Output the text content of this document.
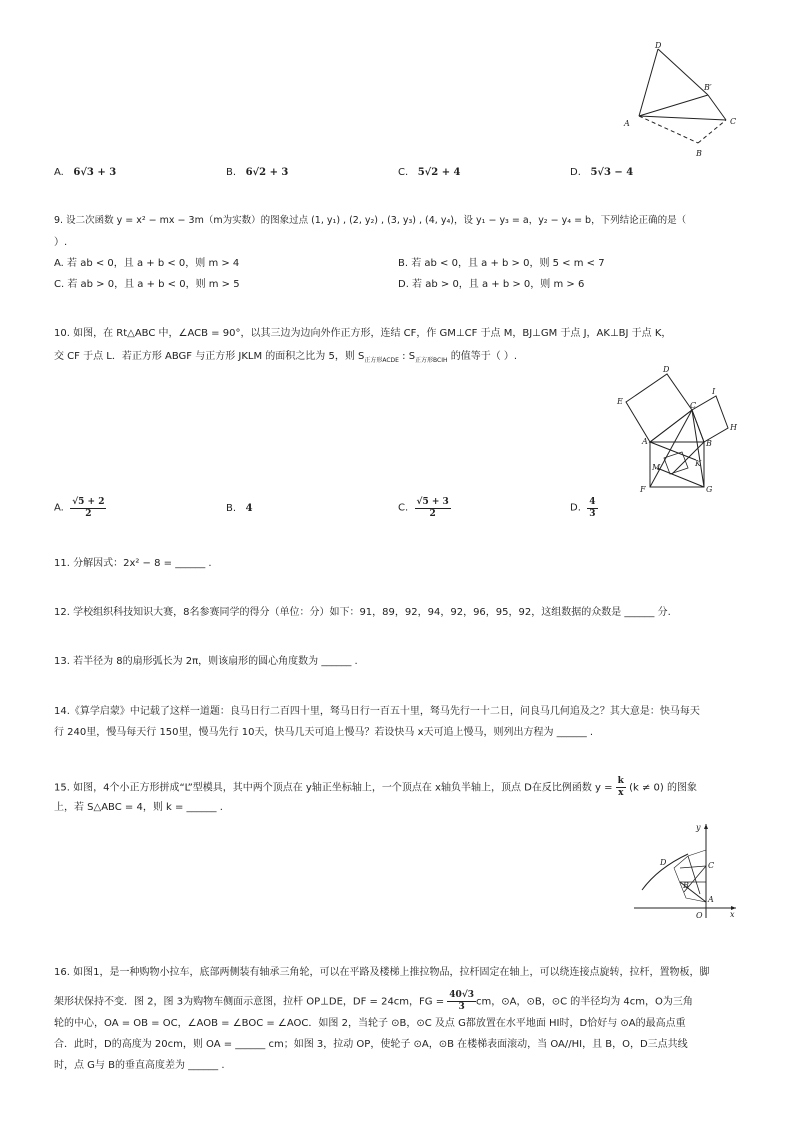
D
B′
A	C
B
A. 6√3 + 3	B. 6√2 + 3	C. 5√2 + 4	D. 5√3 − 4
9. 设二次函数 y = x² − mx − 3m（m为实数）的图象过点 (1, y₁) , (2, y₂) , (3, y₃) , (4, y₄)，设 y₁ − y₃ = a，y₂ − y₄ = b，下列结论正确的是（
）.
A. 若 ab < 0，且 a + b < 0，则 m > 4	B. 若 ab < 0，且 a + b > 0，则 5 < m < 7
C. 若 ab > 0，且 a + b < 0，则 m > 5	D. 若 ab > 0，且 a + b > 0，则 m > 6
10. 如图，在 Rt△ABC 中，∠ACB = 90°，以其三边为边向外作正方形，连结 CF，作 GM⊥CF 于点 M，BJ⊥GM 于点 J，AK⊥BJ 于点 K，
交 CF 于点 L．若正方形 ABGF 与正方形 JKLM 的面积之比为 5，则 $S_{正方形ACDE}$ : $S_{正方形BCIH}$ 的值等于（ ）.
D
E	C
I
H
A	B
M	K
F	G
A. $\frac{√5 + 2}{2}$	B. 4	C. $\frac{√5 + 3}{2}$	D. $\frac{4}{3}$
11. 分解因式：2x² − 8 = ______ .
12. 学校组织科技知识大赛，8名参赛同学的得分（单位：分）如下：91，89，92，94，92，96，95，92，这组数据的众数是 ______ 分.
13. 若半径为 8的扇形弧长为 2π，则该扇形的圆心角度数为 ______ .
14.《算学启蒙》中记载了这样一道题：良马日行二百四十里，驽马日行一百五十里，驽马先行一十二日，问良马几何追及之？其大意是：快马每天
行 240里，慢马每天行 150里，慢马先行 10天，快马几天可追上慢马？若设快马 x天可追上慢马，则列出方程为 ______ .
15. 如图，4个小正方形拼成“L”型模具，其中两个顶点在 y轴正坐标轴上，一个顶点在 x轴负半轴上，顶点 D在反比例函数 $y = \frac{k}{x} (k \ne 0)$ 的图象
上，若 S△ABC = 4，则 k = ______ .
y
x
D	C
B
A
O
16. 如图1，是一种购物小拉车，底部两侧装有轴承三角轮，可以在平路及楼梯上推拉物品，拉杆固定在轴上，可以绕连接点旋转，拉杆，置物板，脚
架形状保持不变．图 2，图 3为购物车侧面示意图，拉杆 OP⊥DE，DF = 24cm，FG = $\frac{40√3}{3}$ cm，⊙A，⊙B，⊙C 的半径均为 4cm，O为三角
轮的中心，OA = OB = OC，∠AOB = ∠BOC = ∠AOC．如图 2，当轮子 ⊙B，⊙C 及点 G都放置在水平地面 HI时，D恰好与 ⊙A的最高点重
合．此时，D的高度为 20cm，则 OA = ______ cm；如图 3，拉动 OP，使轮子 ⊙A，⊙B 在楼梯表面滚动，当 OA//HI，且 B，O，D三点共线
时，点 G与 B的垂直高度差为 ______ .
